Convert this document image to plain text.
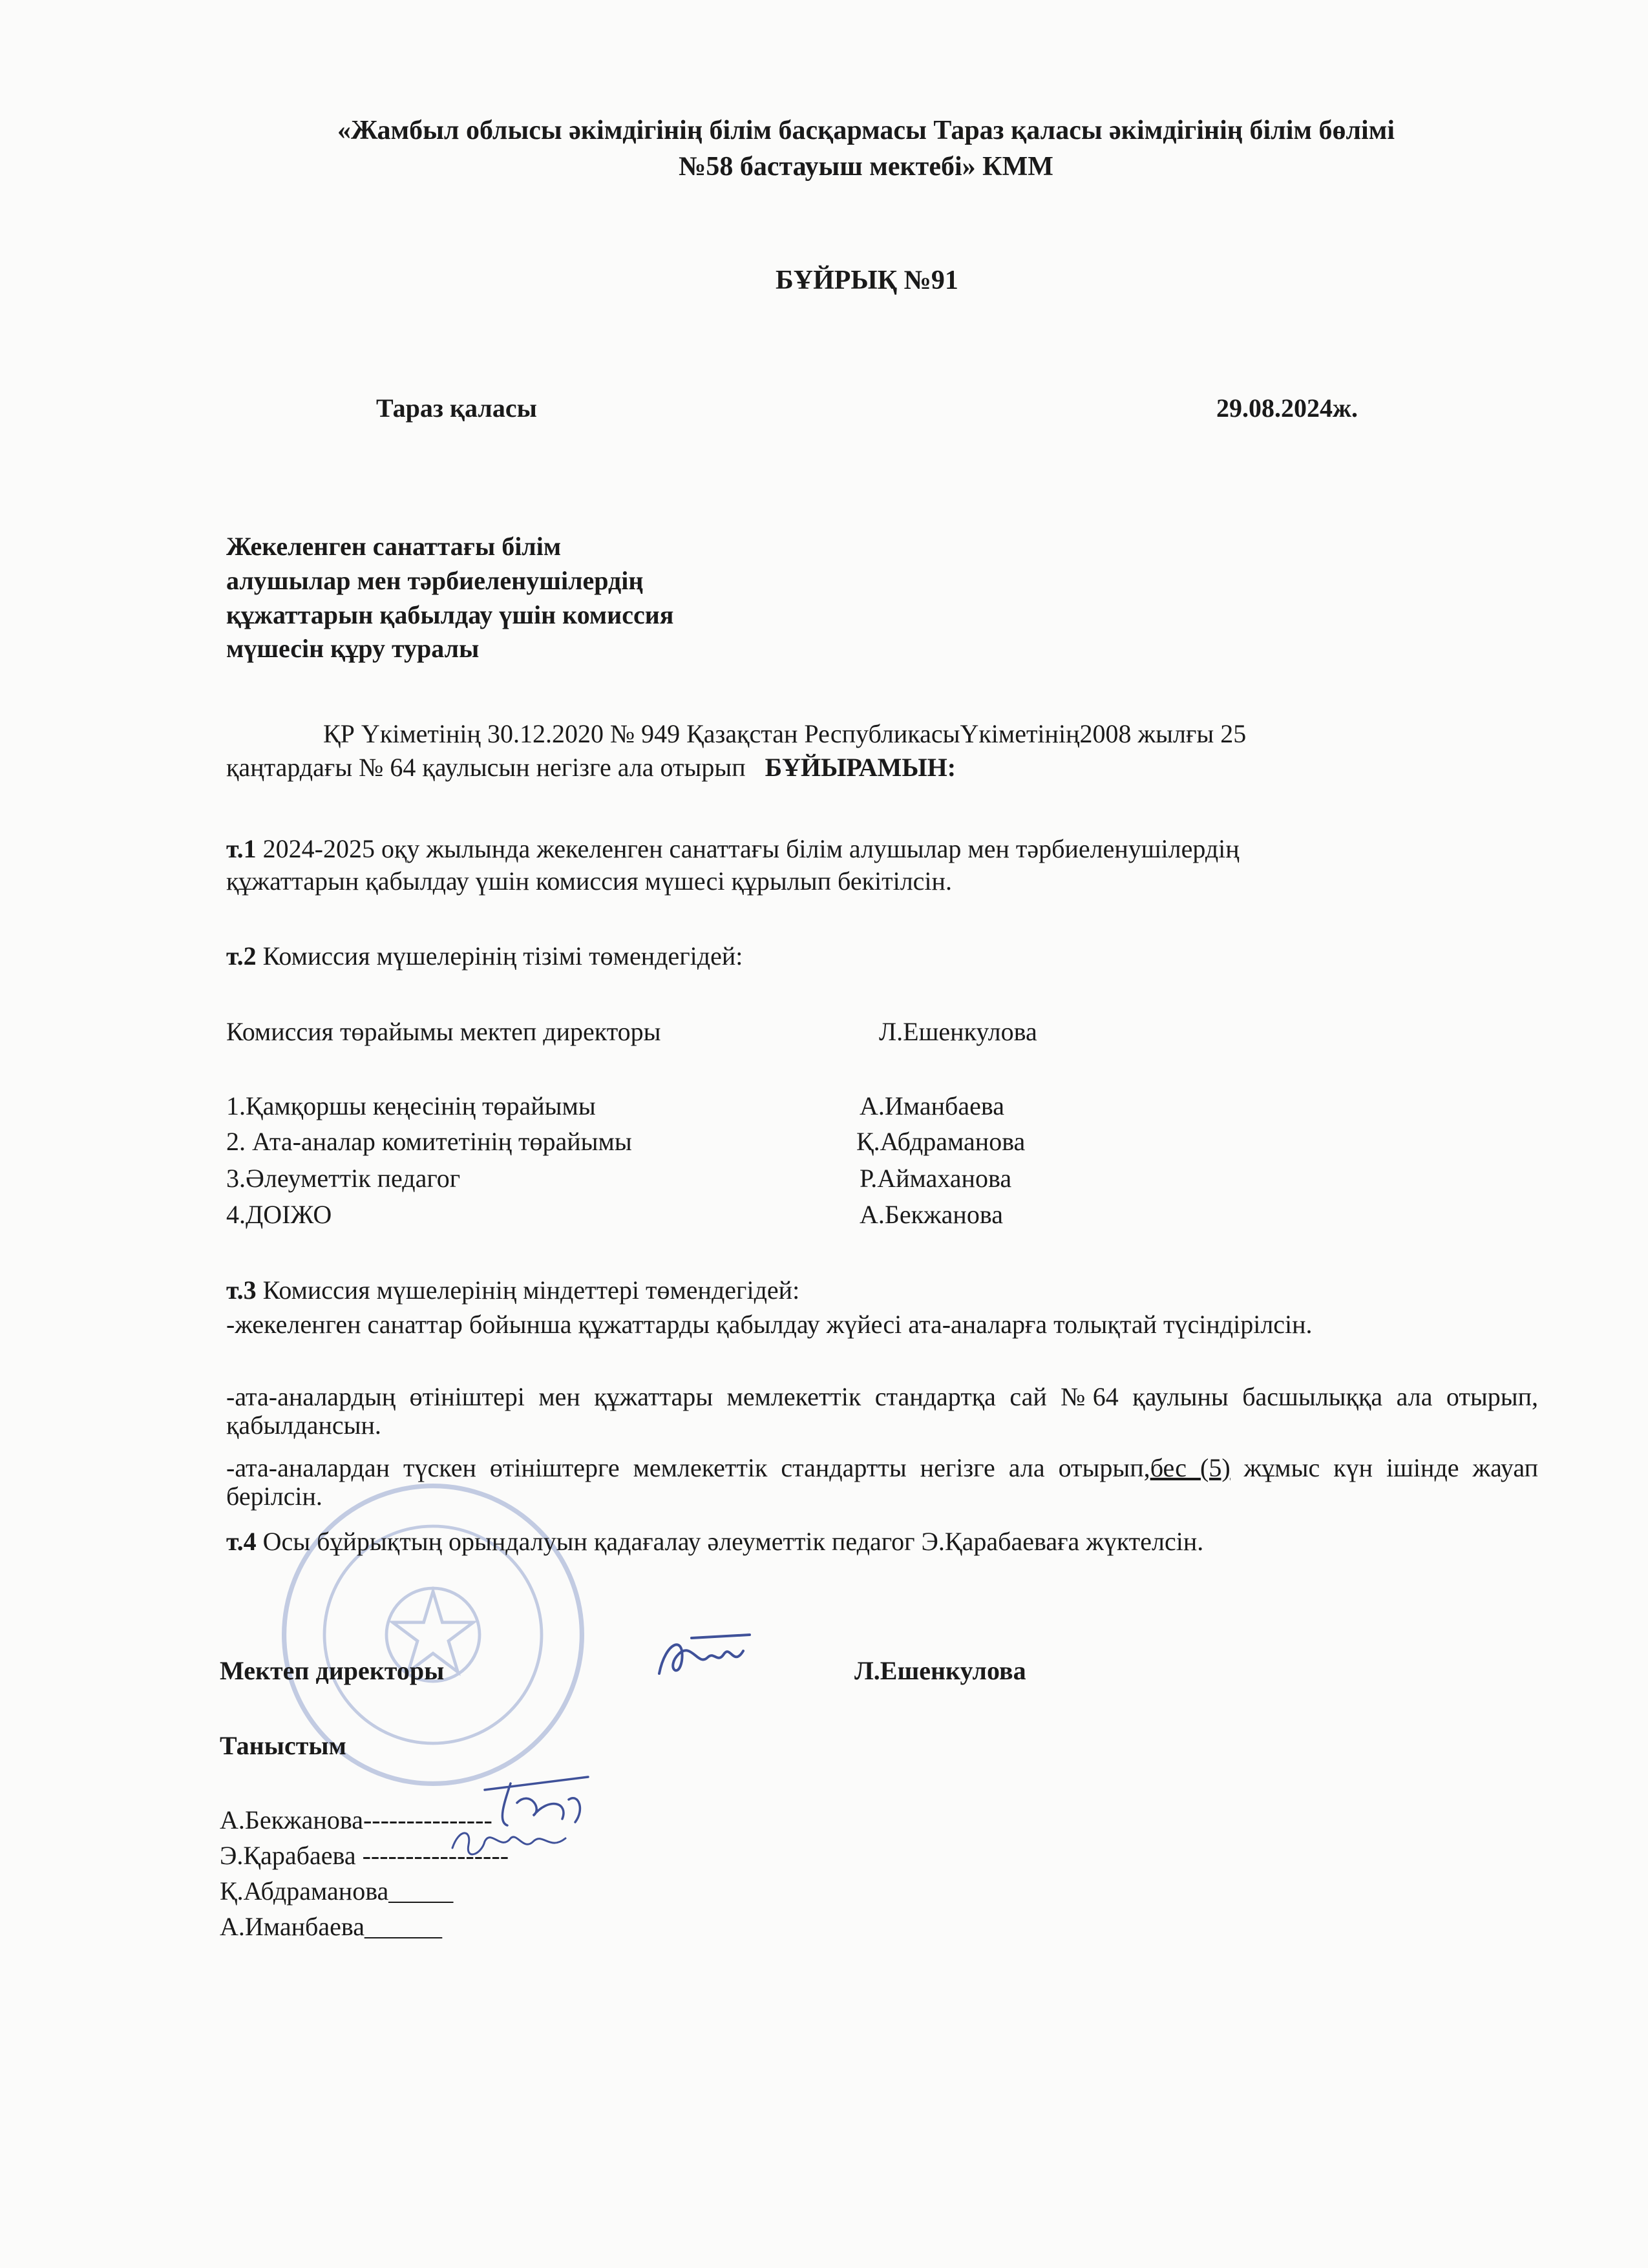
«Жамбыл облысы әкімдігінің білім басқармасы Тараз қаласы әкімдігінің білім бөлімі
№58 бастауыш мектебі» КММ
БҰЙРЫҚ №91
Тараз қаласы	29.08.2024ж.
Жекеленген санаттағы білім
алушылар мен тәрбиеленушілердің
құжаттарын қабылдау үшін комиссия
мүшесін құру туралы
ҚР Үкіметінің 30.12.2020 № 949 Қазақстан РеспубликасыҮкіметінің2008 жылғы 25
қаңтардағы № 64 қаулысын негізге ала отырып БҰЙЫРАМЫН:
т.1 2024-2025 оқу жылында жекеленген санаттағы білім алушылар мен тәрбиеленушілердің
құжаттарын қабылдау үшін комиссия мүшесі құрылып бекітілсін.
т.2 Комиссия мүшелерінің тізімі төмендегідей:
Комиссия төрайымы мектеп директоры	Л.Ешенкулова
1.Қамқоршы кеңесінің төрайымы	А.Иманбаева
2. Ата-аналар комитетінің төрайымы	Қ.Абдраманова
3.Әлеуметтік педагог	Р.Аймаханова
4.ДОІЖО	А.Бекжанова
т.3 Комиссия мүшелерінің міндеттері төмендегідей:
-жекеленген санаттар бойынша құжаттарды қабылдау жүйесі ата-аналарға толықтай түсіндірілсін.
-ата-аналардың өтініштері мен құжаттары мемлекеттік стандартқа сай №64 қаулыны басшылыққа ала отырып, қабылдансын.
-ата-аналардан түскен өтініштерге мемлекеттік стандартты негізге ала отырып,бес (5) жұмыс күн ішінде жауап берілсін.
т.4 Осы бұйрықтың орындалуын қадағалау әлеуметтік педагог Э.Қарабаеваға жүктелсін.
Мектеп директоры	Л.Ешенкулова
Таныстым
А.Бекжанова---------------
Э.Қарабаева -----------------
Қ.Абдраманова_____
А.Иманбаева______
